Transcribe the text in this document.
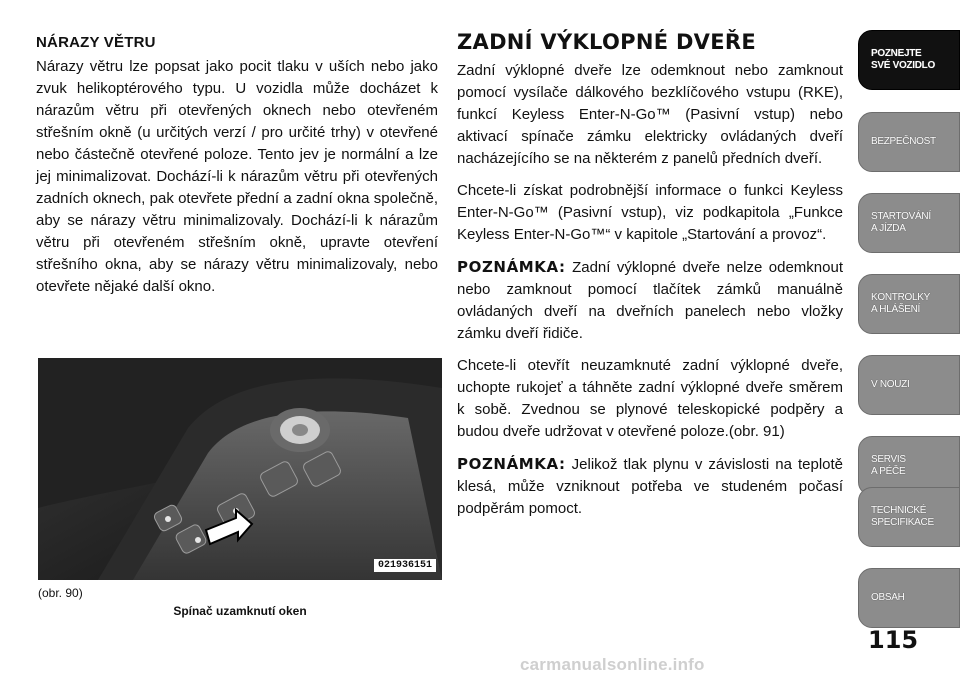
NÁRAZY VĚTRU

Nárazy větru lze popsat jako pocit tlaku v uších nebo jako zvuk helikoptérového typu. U vozidla může docházet k nárazům větru při otevřených oknech nebo otevřeném střešním okně (u určitých verzí / pro určité trhy) v otevřené nebo částečně otevřené poloze. Tento jev je normální a lze jej minimalizovat. Dochází-li k nárazům větru při otevřených zadních oknech, pak otevřete přední a zadní okna společně, aby se nárazy větru minimalizovaly. Dochází-li k nárazům větru při otevřeném střešním okně, upravte otevření střešního okna, aby se nárazy větru minimalizovaly, nebo otevřete nějaké další okno.

021936151
(obr. 90)
Spínač uzamknutí oken
ZADNÍ VÝKLOPNÉ DVEŘE

Zadní výklopné dveře lze odemknout nebo zamknout pomocí vysílače dálkového bezklíčového vstupu (RKE), funkcí Keyless Enter-N-Go™ (Pasivní vstup) nebo aktivací spínače zámku elektricky ovládaných dveří nacházejícího se na některém z panelů předních dveří.

Chcete-li získat podrobnější informace o funkci Keyless Enter-N-Go™ (Pasivní vstup), viz podkapitola „Funkce Keyless Enter-N-Go™“ v kapitole „Startování a provoz“.

POZNÁMKA: Zadní výklopné dveře nelze odemknout nebo zamknout pomocí tlačítek zámků manuálně ovládaných dveří na dveřních panelech nebo vložky zámku dveří řidiče.

Chcete-li otevřít neuzamknuté zadní výklopné dveře, uchopte rukojeť a táhněte zadní výklopné dveře směrem k sobě. Zvednou se plynové teleskopické podpěry a budou dveře udržovat v otevřené poloze.(obr. 91)

POZNÁMKA: Jelikož tlak plynu v závislosti na teplotě klesá, může vzniknout potřeba ve studeném počasí podpěrám pomoct.

POZNEJTE
SVÉ VOZIDLO
BEZPEČNOST
STARTOVÁNÍ
A JÍZDA
KONTROLKY
A HLÁŠENÍ
V NOUZI
SERVIS
A PÉČE
TECHNICKÉ
SPECIFIKACE
OBSAH
115
carmanualsonline.info
